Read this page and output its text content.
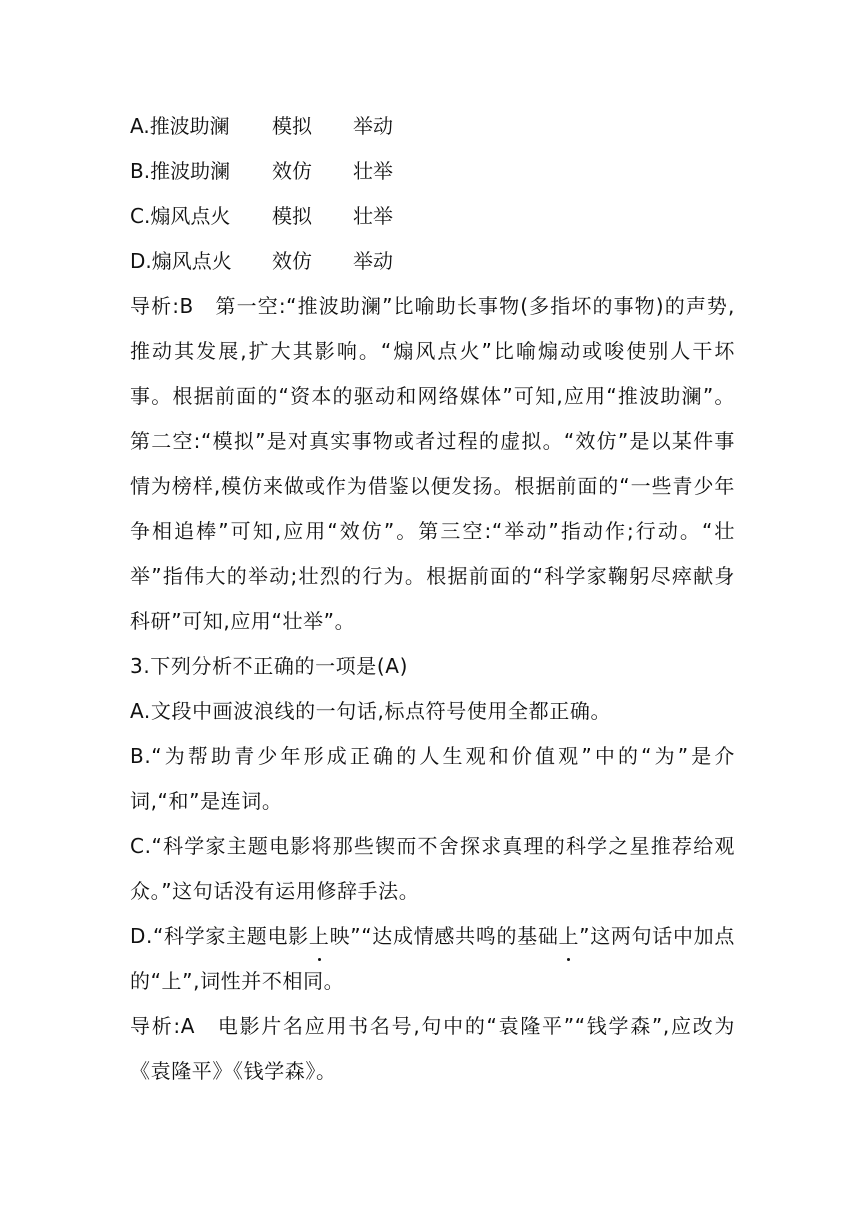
A.推波助澜	模拟	举动
B.推波助澜	效仿	壮举
C.煽风点火	模拟	壮举
D.煽风点火	效仿	举动
导析:B　第一空:“推波助澜”比喻助长事物(多指坏的事物)的声势,推动其发展,扩大其影响。“煽风点火”比喻煽动或唆使别人干坏事。根据前面的“资本的驱动和网络媒体”可知,应用“推波助澜”。第二空:“模拟”是对真实事物或者过程的虚拟。“效仿”是以某件事情为榜样,模仿来做或作为借鉴以便发扬。根据前面的“一些青少年争相追棒”可知,应用“效仿”。第三空:“举动”指动作;行动。“壮举”指伟大的举动;壮烈的行为。根据前面的“科学家鞠躬尽瘁献身科研”可知,应用“壮举”。
3.下列分析不正确的一项是(A)
A.文段中画波浪线的一句话,标点符号使用全都正确。
B.“为帮助青少年形成正确的人生观和价值观”中的“为”是介词,“和”是连词。
C.“科学家主题电影将那些锲而不舍探求真理的科学之星推荐给观众。”这句话没有运用修辞手法。
D.“科学家主题电影上映”“达成情感共鸣的基础上”这两句话中加点的“上”,词性并不相同。
导析:A　电影片名应用书名号,句中的“袁隆平”“钱学森”,应改为《袁隆平》《钱学森》。
